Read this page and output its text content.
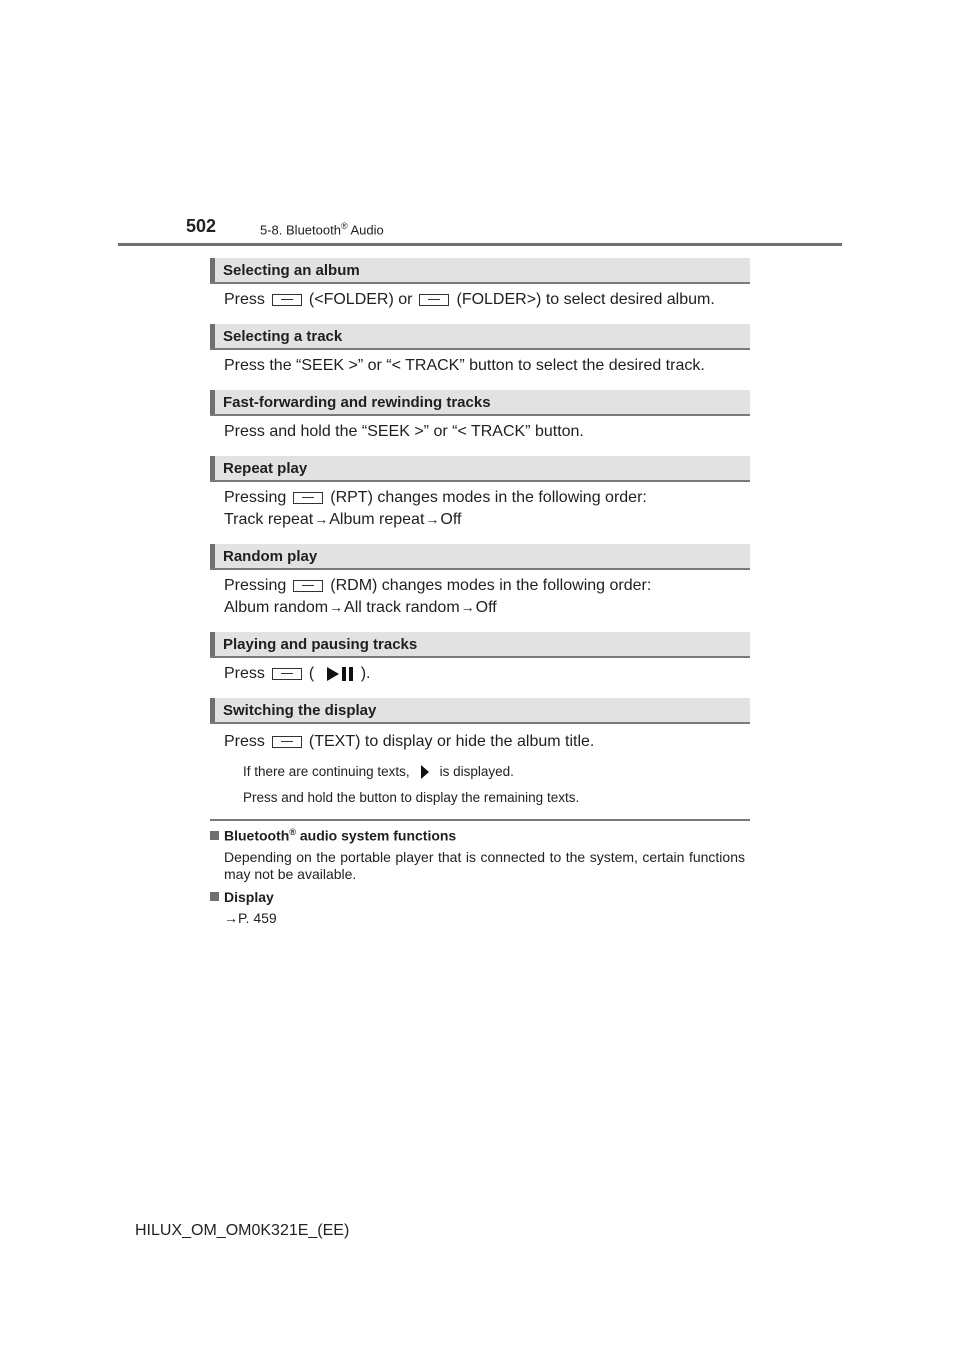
502	5-8. Bluetooth® Audio
Selecting an album
Press	(<FOLDER) or	(FOLDER>) to select desired album.
Selecting a track
Press the “SEEK >” or “< TRACK” button to select the desired track.
Fast-forwarding and rewinding tracks
Press and hold the “SEEK >” or “< TRACK” button.
Repeat play
Pressing	(RPT) changes modes in the following order:
Track repeat→Album repeat→Off
Random play
Pressing	(RDM) changes modes in the following order:
Album random→All track random→Off
Playing and pausing tracks
Press	(	).
Switching the display
Press	(TEXT) to display or hide the album title.
If there are continuing texts, is displayed.
Press and hold the button to display the remaining texts.
Bluetooth® audio system functions
Depending on the portable player that is connected to the system, certain functions may not be available.
Display
→P. 459
HILUX_OM_OM0K321E_(EE)
